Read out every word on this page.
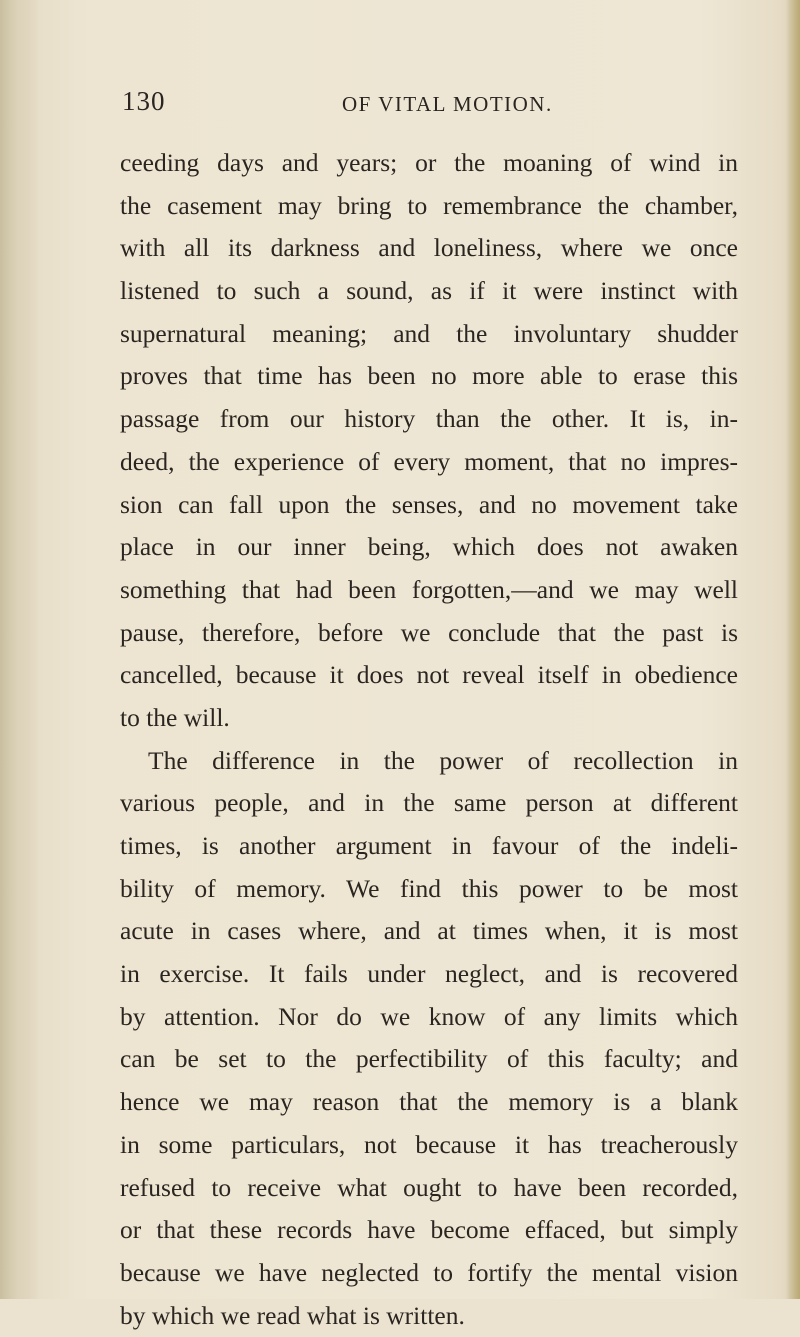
130	OF VITAL MOTION.
ceeding days and years; or the moaning of wind in
the casement may bring to remembrance the chamber,
with all its darkness and loneliness, where we once
listened to such a sound, as if it were instinct with
supernatural meaning; and the involuntary shudder
proves that time has been no more able to erase this
passage from our history than the other. It is, in-
deed, the experience of every moment, that no impres-
sion can fall upon the senses, and no movement take
place in our inner being, which does not awaken
something that had been forgotten,—and we may well
pause, therefore, before we conclude that the past is
cancelled, because it does not reveal itself in obedience
to the will.
The difference in the power of recollection in
various people, and in the same person at different
times, is another argument in favour of the indeli-
bility of memory. We find this power to be most
acute in cases where, and at times when, it is most
in exercise. It fails under neglect, and is recovered
by attention. Nor do we know of any limits which
can be set to the perfectibility of this faculty; and
hence we may reason that the memory is a blank
in some particulars, not because it has treacherously
refused to receive what ought to have been recorded,
or that these records have become effaced, but simply
because we have neglected to fortify the mental vision
by which we read what is written.
